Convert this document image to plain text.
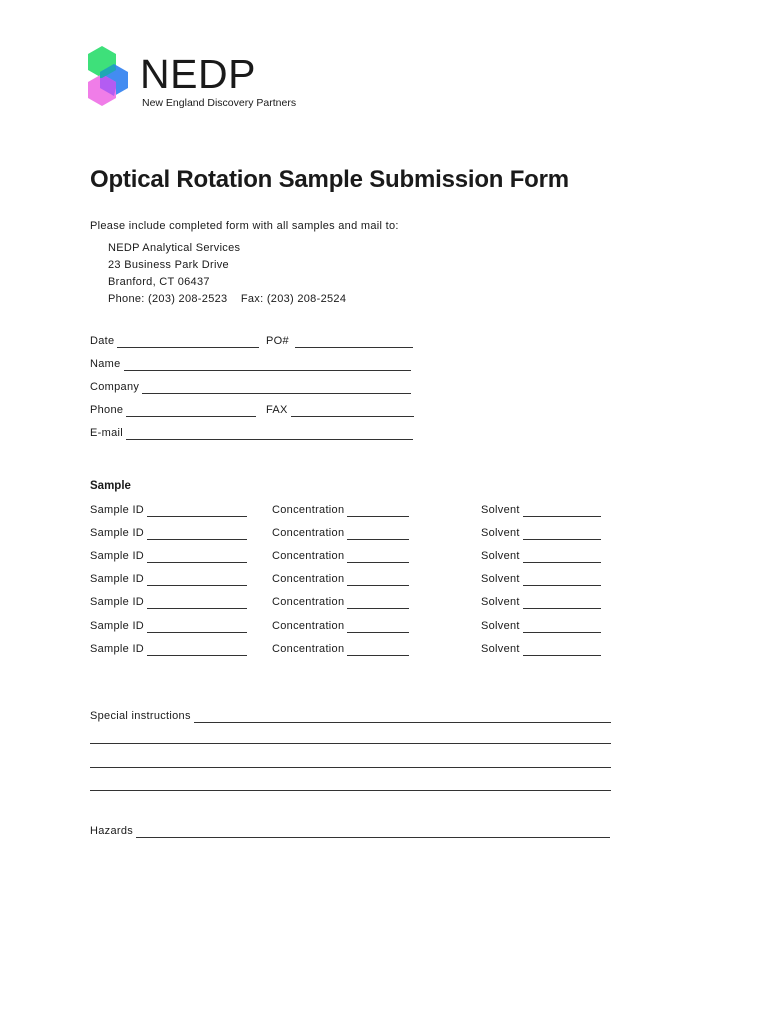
NEDP
New England Discovery Partners
Optical Rotation Sample Submission Form
Please include completed form with all samples and mail to:
NEDP Analytical Services
23 Business Park Drive
Branford, CT 06437
Phone: (203) 208-2523    Fax: (203) 208-2524
Date	PO#
Name
Company
Phone	FAX
E-mail
Sample
Sample ID	Concentration	Solvent
Sample ID	Concentration	Solvent
Sample ID	Concentration	Solvent
Sample ID	Concentration	Solvent
Sample ID	Concentration	Solvent
Sample ID	Concentration	Solvent
Sample ID	Concentration	Solvent
Special instructions
Hazards
